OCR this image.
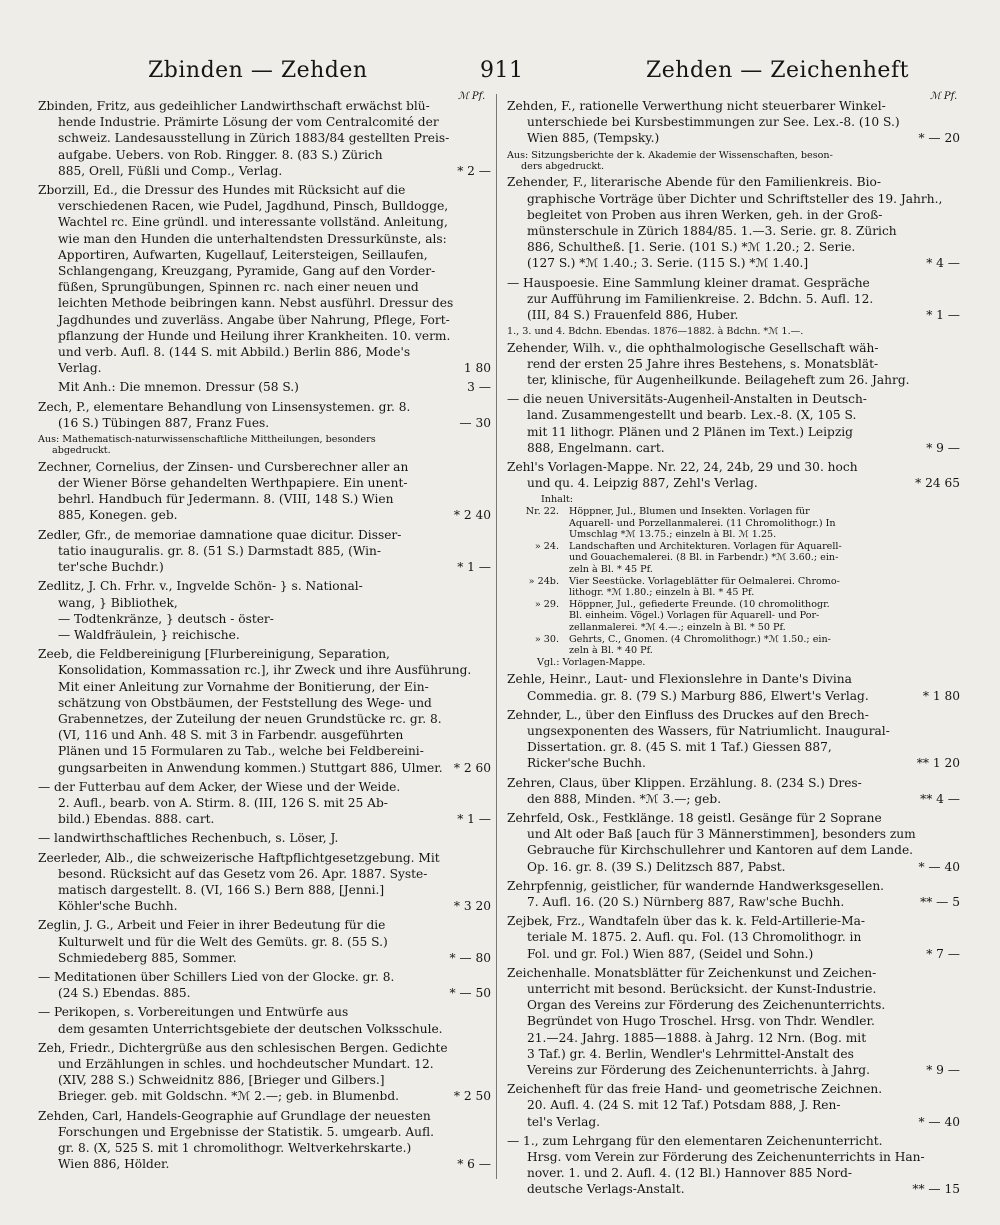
Zbinden — Zehden	911	Zehden — Zeichenheft
ℳ Pf.	ℳ Pf.
Zbinden, Fritz, aus gedeihlicher Landwirthschaft erwächst blü-
hende Industrie. Prämirte Lösung der vom Centralcomité der
schweiz. Landesausstellung in Zürich 1883/84 gestellten Preis-
aufgabe. Uebers. von Rob. Ringger. 8. (83 S.) Zürich
885, Orell, Füßli und Comp., Verlag.	* 2 —
Zborzill, Ed., die Dressur des Hundes mit Rücksicht auf die
verschiedenen Racen, wie Pudel, Jagdhund, Pinsch, Bulldogge,
Wachtel rc. Eine gründl. und interessante vollständ. Anleitung,
wie man den Hunden die unterhaltendsten Dressurkünste, als:
Apportiren, Aufwarten, Kugellauf, Leitersteigen, Seillaufen,
Schlangengang, Kreuzgang, Pyramide, Gang auf den Vorder-
füßen, Sprungübungen, Spinnen rc. nach einer neuen und
leichten Methode beibringen kann. Nebst ausführl. Dressur des
Jagdhundes und zuverläss. Angabe über Nahrung, Pflege, Fort-
pflanzung der Hunde und Heilung ihrer Krankheiten. 10. verm.
und verb. Aufl. 8. (144 S. mit Abbild.) Berlin 886, Mode's
Verlag.	1 80
Mit Anh.: Die mnemon. Dressur (58 S.)	3 —
Zech, P., elementare Behandlung von Linsensystemen. gr. 8.
(16 S.) Tübingen 887, Franz Fues.	— 30
Aus: Mathematisch-naturwissenschaftliche Mittheilungen, besonders
abgedruckt.
Zechner, Cornelius, der Zinsen- und Cursberechner aller an
der Wiener Börse gehandelten Werthpapiere. Ein unent-
behrl. Handbuch für Jedermann. 8. (VIII, 148 S.) Wien
885, Konegen. geb.	* 2 40
Zedler, Gfr., de memoriae damnatione quae dicitur. Disser-
tatio inauguralis. gr. 8. (51 S.) Darmstadt 885, (Win-
ter'sche Buchdr.)	* 1 —
Zedlitz, J. Ch. Frhr. v., Ingvelde Schön- } s. National-
wang, } Bibliothek,
— Todtenkränze, } deutsch - öster-
— Waldfräulein, } reichische.
Zeeb, die Feldbereinigung [Flurbereinigung, Separation,
Konsolidation, Kommassation rc.], ihr Zweck und ihre Ausführung.
Mit einer Anleitung zur Vornahme der Bonitierung, der Ein-
schätzung von Obstbäumen, der Feststellung des Wege- und
Grabennetzes, der Zuteilung der neuen Grundstücke rc. gr. 8.
(VI, 116 und Anh. 48 S. mit 3 in Farbendr. ausgeführten
Plänen und 15 Formularen zu Tab., welche bei Feldbereini-
gungsarbeiten in Anwendung kommen.) Stuttgart 886, Ulmer. * 2 60
— der Futterbau auf dem Acker, der Wiese und der Weide.
2. Aufl., bearb. von A. Stirm. 8. (III, 126 S. mit 25 Ab-
bild.) Ebendas. 888. cart.	* 1 —
— landwirthschaftliches Rechenbuch, s. Löser, J.
Zeerleder, Alb., die schweizerische Haftpflichtgesetzgebung. Mit
besond. Rücksicht auf das Gesetz vom 26. Apr. 1887. Syste-
matisch dargestellt. 8. (VI, 166 S.) Bern 888, [Jenni.]
Köhler'sche Buchh.	* 3 20
Zeglin, J. G., Arbeit und Feier in ihrer Bedeutung für die
Kulturwelt und für die Welt des Gemüts. gr. 8. (55 S.)
Schmiedeberg 885, Sommer.	* — 80
— Meditationen über Schillers Lied von der Glocke. gr. 8.
(24 S.) Ebendas. 885.	* — 50
— Perikopen, s. Vorbereitungen und Entwürfe aus
dem gesamten Unterrichtsgebiete der deutschen Volksschule.
Zeh, Friedr., Dichtergrüße aus den schlesischen Bergen. Gedichte
und Erzählungen in schles. und hochdeutscher Mundart. 12.
(XIV, 288 S.) Schweidnitz 886, [Brieger und Gilbers.]
Brieger. geb. mit Goldschn. *ℳ 2.—; geb. in Blumenbd.	* 2 50
Zehden, Carl, Handels-Geographie auf Grundlage der neuesten
Forschungen und Ergebnisse der Statistik. 5. umgearb. Aufl.
gr. 8. (X, 525 S. mit 1 chromolithogr. Weltverkehrskarte.)
Wien 886, Hölder.	* 6 —
Zehden, F., rationelle Verwerthung nicht steuerbarer Winkel-
unterschiede bei Kursbestimmungen zur See. Lex.-8. (10 S.)
Wien 885, (Tempsky.)	* — 20
Aus: Sitzungsberichte der k. Akademie der Wissenschaften, beson-
ders abgedruckt.
Zehender, F., literarische Abende für den Familienkreis. Bio-
graphische Vorträge über Dichter und Schriftsteller des 19. Jahrh.,
begleitet von Proben aus ihren Werken, geh. in der Groß-
münsterschule in Zürich 1884/85. 1.—3. Serie. gr. 8. Zürich
886, Schultheß. [1. Serie. (101 S.) *ℳ 1.20.; 2. Serie.
(127 S.) *ℳ 1.40.; 3. Serie. (115 S.) *ℳ 1.40.]	* 4 —
— Hauspoesie. Eine Sammlung kleiner dramat. Gespräche
zur Aufführung im Familienkreise. 2. Bdchn. 5. Aufl. 12.
(III, 84 S.) Frauenfeld 886, Huber.	* 1 —
1., 3. und 4. Bdchn. Ebendas. 1876—1882. à Bdchn. *ℳ 1.—.
Zehender, Wilh. v., die ophthalmologische Gesellschaft wäh-
rend der ersten 25 Jahre ihres Bestehens, s. Monatsblät-
ter, klinische, für Augenheilkunde. Beilageheft zum 26. Jahrg.
— die neuen Universitäts-Augenheil-Anstalten in Deutsch-
land. Zusammengestellt und bearb. Lex.-8. (X, 105 S.
mit 11 lithogr. Plänen und 2 Plänen im Text.) Leipzig
888, Engelmann. cart.	* 9 —
Zehl's Vorlagen-Mappe. Nr. 22, 24, 24b, 29 und 30. hoch
und qu. 4. Leipzig 887, Zehl's Verlag.	* 24 65
Inhalt:
Nr. 22.	Höppner, Jul., Blumen und Insekten. Vorlagen für
Aquarell- und Porzellanmalerei. (11 Chromolithogr.) In
Umschlag *ℳ 13.75.; einzeln à Bl. ℳ 1.25.
» 24.	Landschaften und Architekturen. Vorlagen für Aquarell-
und Gouachemalerei. (8 Bl. in Farbendr.) *ℳ 3.60.; ein-
zeln à Bl. * 45 Pf.
» 24b.	Vier Seestücke. Vorlageblätter für Oelmalerei. Chromo-
lithogr. *ℳ 1.80.; einzeln à Bl. * 45 Pf.
» 29.	Höppner, Jul., gefiederte Freunde. (10 chromolithogr.
Bl. einheim. Vögel.) Vorlagen für Aquarell- und Por-
zellanmalerei. *ℳ 4.—.; einzeln à Bl. * 50 Pf.
» 30.	Gehrts, C., Gnomen. (4 Chromolithogr.) *ℳ 1.50.; ein-
zeln à Bl. * 40 Pf.
Vgl.: Vorlagen-Mappe.
Zehle, Heinr., Laut- und Flexionslehre in Dante's Divina
Commedia. gr. 8. (79 S.) Marburg 886, Elwert's Verlag.	* 1 80
Zehnder, L., über den Einfluss des Druckes auf den Brech-
ungsexponenten des Wassers, für Natriumlicht. Inaugural-
Dissertation. gr. 8. (45 S. mit 1 Taf.) Giessen 887,
Ricker'sche Buchh.	** 1 20
Zehren, Claus, über Klippen. Erzählung. 8. (234 S.) Dres-
den 888, Minden. *ℳ 3.—; geb.	** 4 —
Zehrfeld, Osk., Festklänge. 18 geistl. Gesänge für 2 Soprane
und Alt oder Baß [auch für 3 Männerstimmen], besonders zum
Gebrauche für Kirchschullehrer und Kantoren auf dem Lande.
Op. 16. gr. 8. (39 S.) Delitzsch 887, Pabst.	* — 40
Zehrpfennig, geistlicher, für wandernde Handwerksgesellen.
7. Aufl. 16. (20 S.) Nürnberg 887, Raw'sche Buchh.	** — 5
Zejbek, Frz., Wandtafeln über das k. k. Feld-Artillerie-Ma-
teriale M. 1875. 2. Aufl. qu. Fol. (13 Chromolithogr. in
Fol. und gr. Fol.) Wien 887, (Seidel und Sohn.)	* 7 —
Zeichenhalle. Monatsblätter für Zeichenkunst und Zeichen-
unterricht mit besond. Berücksicht. der Kunst-Industrie.
Organ des Vereins zur Förderung des Zeichenunterrichts.
Begründet von Hugo Troschel. Hrsg. von Thdr. Wendler.
21.—24. Jahrg. 1885—1888. à Jahrg. 12 Nrn. (Bog. mit
3 Taf.) gr. 4. Berlin, Wendler's Lehrmittel-Anstalt des
Vereins zur Förderung des Zeichenunterrichts. à Jahrg.	* 9 —
Zeichenheft für das freie Hand- und geometrische Zeichnen.
20. Aufl. 4. (24 S. mit 12 Taf.) Potsdam 888, J. Ren-
tel's Verlag.	* — 40
— 1., zum Lehrgang für den elementaren Zeichenunterricht.
Hrsg. vom Verein zur Förderung des Zeichenunterrichts in Han-
nover. 1. und 2. Aufl. 4. (12 Bl.) Hannover 885 Nord-
deutsche Verlags-Anstalt.	** — 15
